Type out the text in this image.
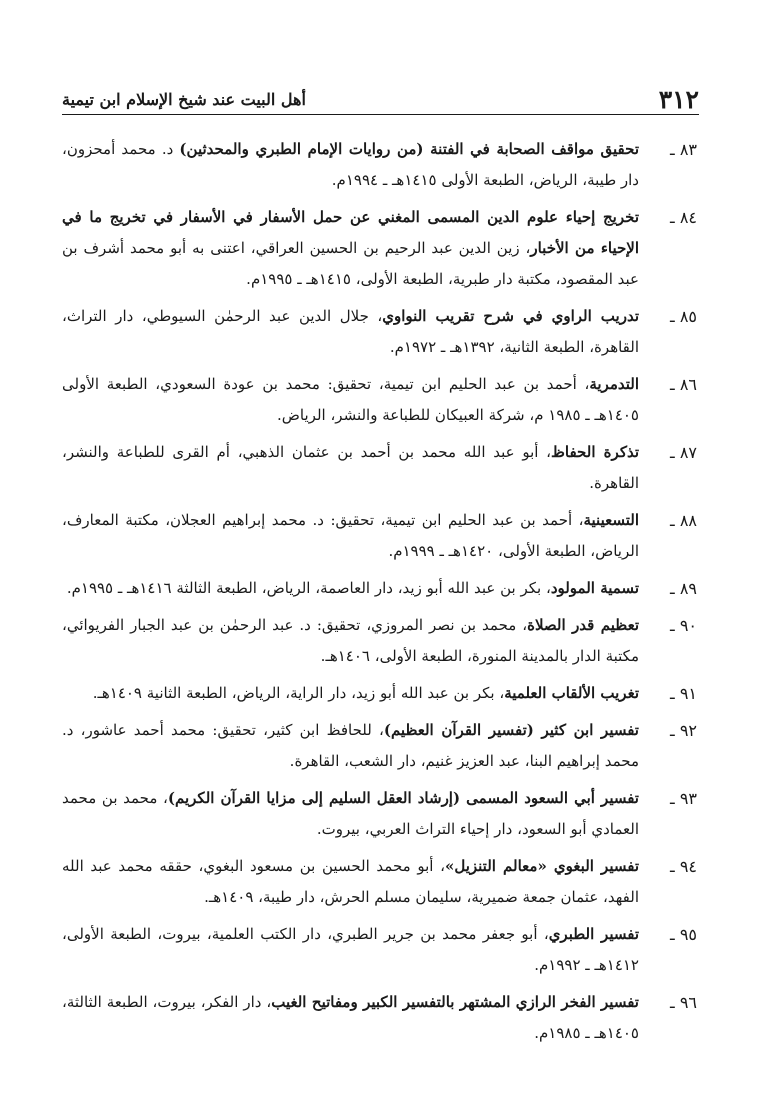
٣١٢
أهل البيت عند شيخ الإسلام ابن تيمية
٨٣ ـ
تحقيق مواقف الصحابة في الفتنة (من روايات الإمام الطبري والمحدثين) د. محمد أمحزون، دار طيبة، الرياض، الطبعة الأولى ١٤١٥هـ ـ ١٩٩٤م.
٨٤ ـ
تخريج إحياء علوم الدين المسمى المغني عن حمل الأسفار في الأسفار في تخريج ما في الإحياء من الأخبار، زين الدين عبد الرحيم بن الحسين العراقي، اعتنى به أبو محمد أشرف بن عبد المقصود، مكتبة دار طبرية، الطبعة الأولى، ١٤١٥هـ ـ ١٩٩٥م.
٨٥ ـ
تدريب الراوي في شرح تقريب النواوي، جلال الدين عبد الرحمٰن السيوطي، دار التراث، القاهرة، الطبعة الثانية، ١٣٩٢هـ ـ ١٩٧٢م.
٨٦ ـ
التدمرية، أحمد بن عبد الحليم ابن تيمية، تحقيق: محمد بن عودة السعودي، الطبعة الأولى ١٤٠٥هـ ـ ١٩٨٥ م، شركة العبيكان للطباعة والنشر، الرياض.
٨٧ ـ
تذكرة الحفاظ، أبو عبد الله محمد بن أحمد بن عثمان الذهبي، أم القرى للطباعة والنشر، القاهرة.
٨٨ ـ
التسعينية، أحمد بن عبد الحليم ابن تيمية، تحقيق: د. محمد إبراهيم العجلان، مكتبة المعارف، الرياض، الطبعة الأولى، ١٤٢٠هـ ـ ١٩٩٩م.
٨٩ ـ
تسمية المولود، بكر بن عبد الله أبو زيد، دار العاصمة، الرياض، الطبعة الثالثة ١٤١٦هـ ـ ١٩٩٥م.
٩٠ ـ
تعظيم قدر الصلاة، محمد بن نصر المروزي، تحقيق: د. عبد الرحمٰن بن عبد الجبار الفريوائي، مكتبة الدار بالمدينة المنورة، الطبعة الأولى، ١٤٠٦هـ.
٩١ ـ
تغريب الألقاب العلمية، بكر بن عبد الله أبو زيد، دار الراية، الرياض، الطبعة الثانية ١٤٠٩هـ.
٩٢ ـ
تفسير ابن كثير (تفسير القرآن العظيم)، للحافظ ابن كثير، تحقيق: محمد أحمد عاشور، د. محمد إبراهيم البنا، عبد العزيز غنيم، دار الشعب، القاهرة.
٩٣ ـ
تفسير أبي السعود المسمى (إرشاد العقل السليم إلى مزايا القرآن الكريم)، محمد بن محمد العمادي أبو السعود، دار إحياء التراث العربي، بيروت.
٩٤ ـ
تفسير البغوي «معالم التنزيل»، أبو محمد الحسين بن مسعود البغوي، حققه محمد عبد الله الفهد، عثمان جمعة ضميرية، سليمان مسلم الحرش، دار طيبة، ١٤٠٩هـ.
٩٥ ـ
تفسير الطبري، أبو جعفر محمد بن جرير الطبري، دار الكتب العلمية، بيروت، الطبعة الأولى، ١٤١٢هـ ـ ١٩٩٢م.
٩٦ ـ
تفسير الفخر الرازي المشتهر بالتفسير الكبير ومفاتيح الغيب، دار الفكر، بيروت، الطبعة الثالثة، ١٤٠٥هـ ـ ١٩٨٥م.
